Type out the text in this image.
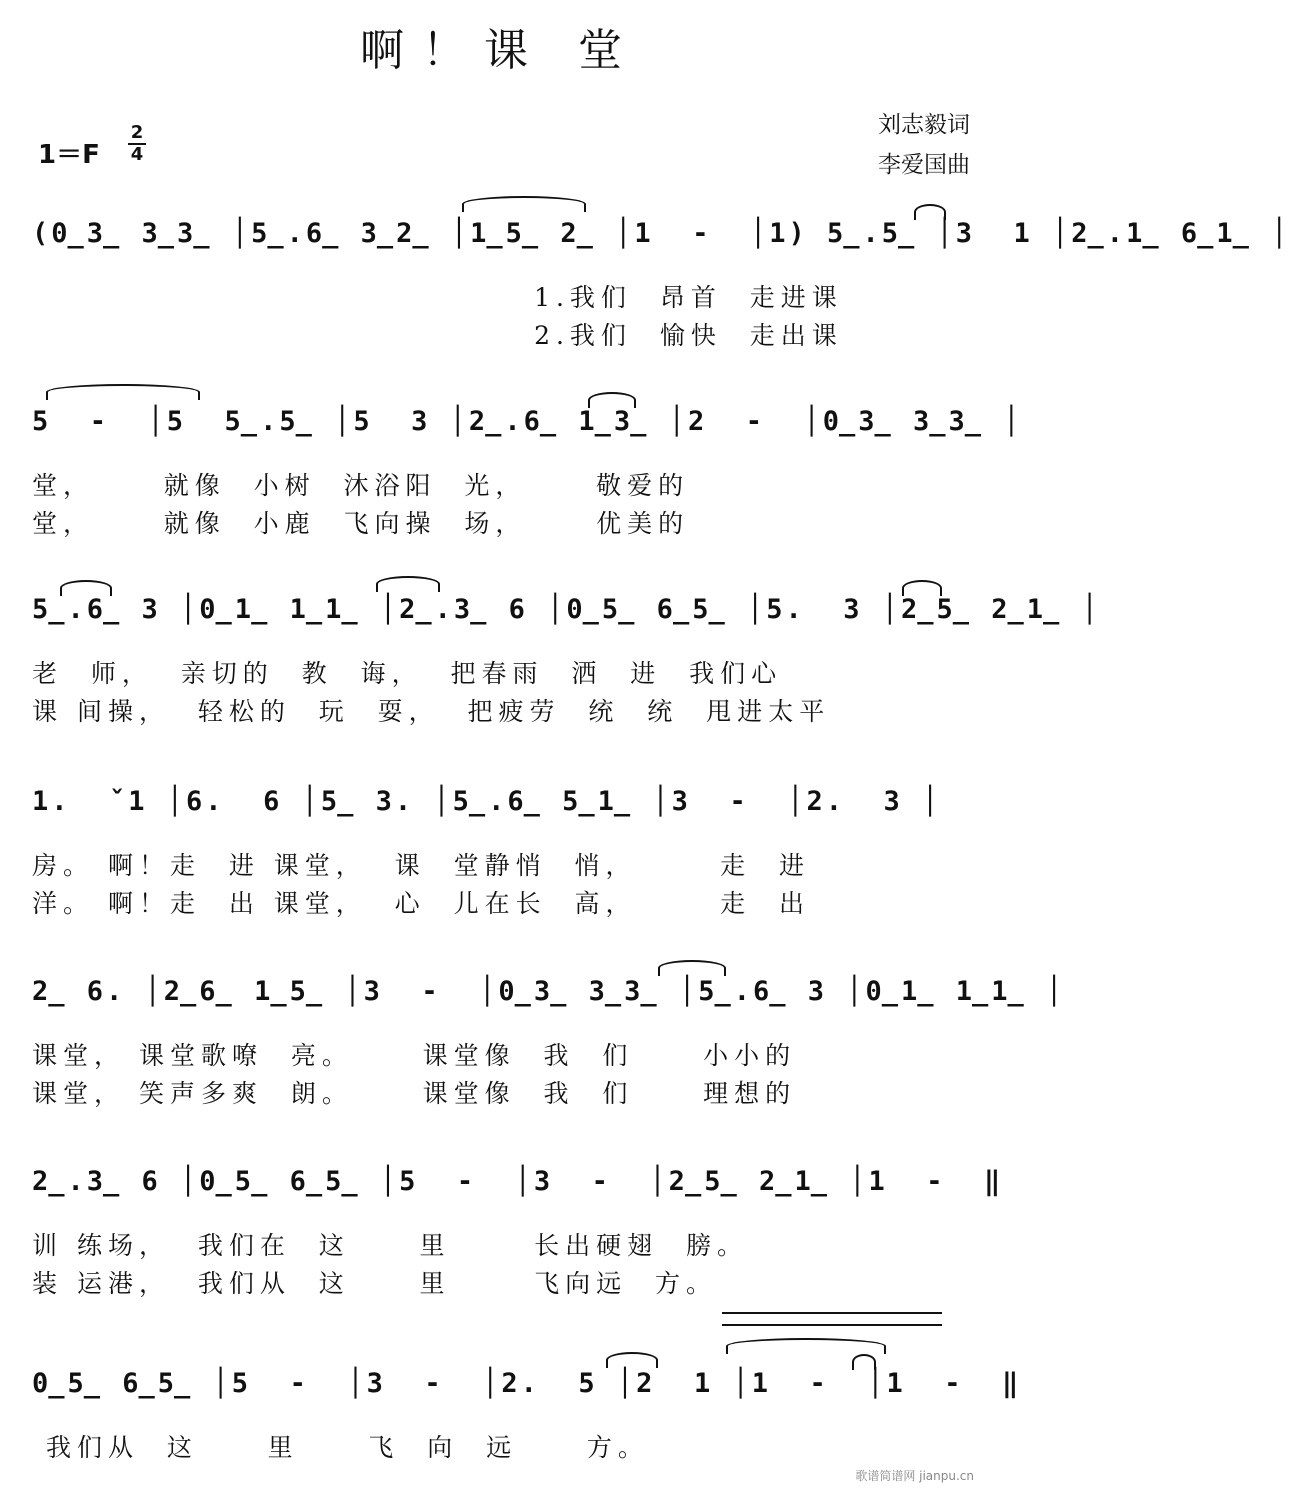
啊！课 堂
1＝F
2
4
刘志毅词
李爱国曲
(0̲3̲ 3̲3̲ │5̲.6̲ 3̲2̲ │1̲5̲ 2̲ │1  -  │1) 5̲.5̲ │3  1 │2̲.1̲ 6̲1̲ │
1.我们  昂首  走进课
2.我们  愉快  走出课
5  -  │5  5̲.5̲ │5  3 │2̲.6̲ 1̲3̲ │2  -  │0̲3̲ 3̲3̲ │
堂，     就像  小树  沐浴阳  光，     敬爱的
堂，     就像  小鹿  飞向操  场，     优美的
5̲.6̲ 3 │0̲1̲ 1̲1̲ │2̲.3̲ 6 │0̲5̲ 6̲5̲ │5.  3 │2̲5̲ 2̲1̲ │
老  师，  亲切的  教  诲，  把春雨  洒  进  我们心
课 间操，  轻松的  玩  耍，  把疲劳  统  统  甩进太平
1.  ˇ1 │6.  6 │5̲ 3. │5̲.6̲ 5̲1̲ │3  -  │2.  3 │
房。 啊！走  进 课堂，  课  堂静悄  悄，      走  进
洋。 啊！走  出 课堂，  心  儿在长  高，      走  出
2̲ 6. │2̲6̲ 1̲5̲ │3  -  │0̲3̲ 3̲3̲ │5̲.6̲ 3 │0̲1̲ 1̲1̲ │
课堂， 课堂歌嘹  亮。     课堂像  我  们     小小的
课堂， 笑声多爽  朗。     课堂像  我  们     理想的
2̲.3̲ 6 │0̲5̲ 6̲5̲ │5  -  │3  -  │2̲5̲ 2̲1̲ │1  -  ‖
训 练场，  我们在  这     里      长出硬翅  膀。
装 运港，  我们从  这     里      飞向远  方。
0̲5̲ 6̲5̲ │5  -  │3  -  │2.  5 │2  1 │1  -  │1  -  ‖
我们从  这     里     飞  向  远     方。
歌谱简谱网 jianpu.cn
